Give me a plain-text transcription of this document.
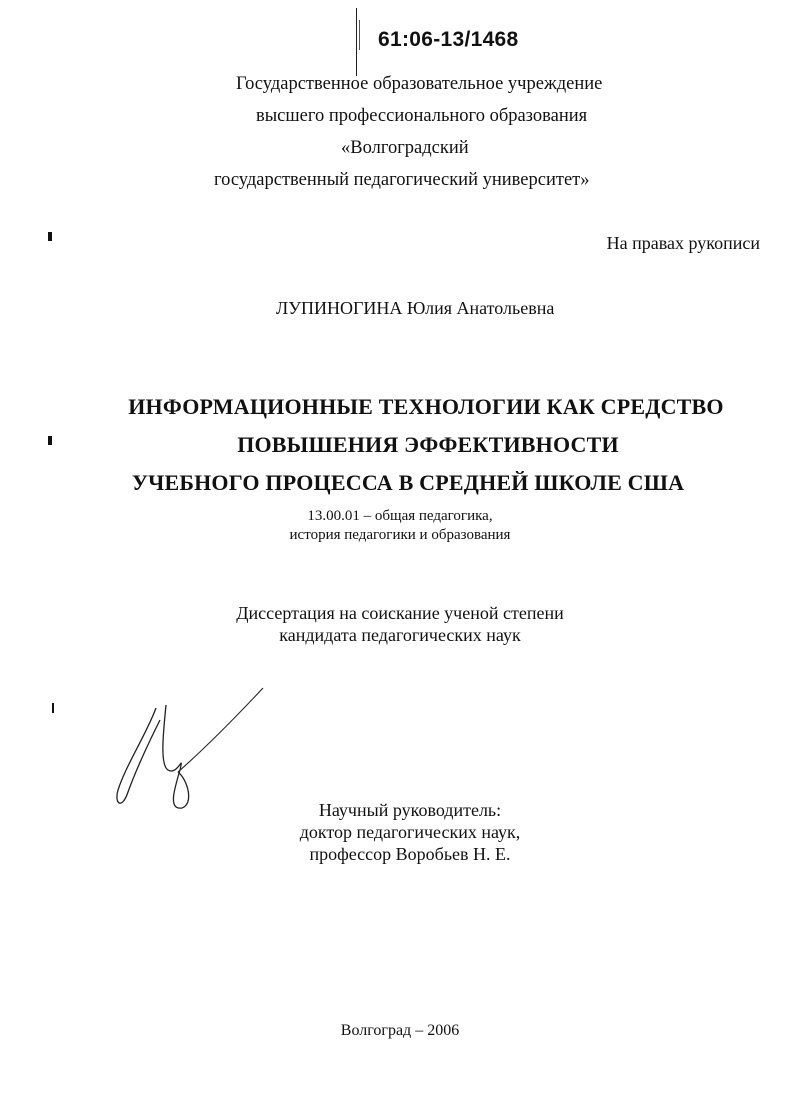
61:06-13/1468
Государственное образовательное учреждение
высшего профессионального образования
«Волгоградский
государственный педагогический университет»
На правах рукописи
ЛУПИНОГИНА Юлия Анатольевна
ИНФОРМАЦИОННЫЕ ТЕХНОЛОГИИ КАК СРЕДСТВО
ПОВЫШЕНИЯ ЭФФЕКТИВНОСТИ
УЧЕБНОГО ПРОЦЕССА В СРЕДНЕЙ ШКОЛЕ США
13.00.01 – общая педагогика,
история педагогики и образования
Диссертация на соискание ученой степени
кандидата педагогических наук
Научный руководитель:
доктор педагогических наук,
профессор Воробьев Н. Е.
Волгоград – 2006
